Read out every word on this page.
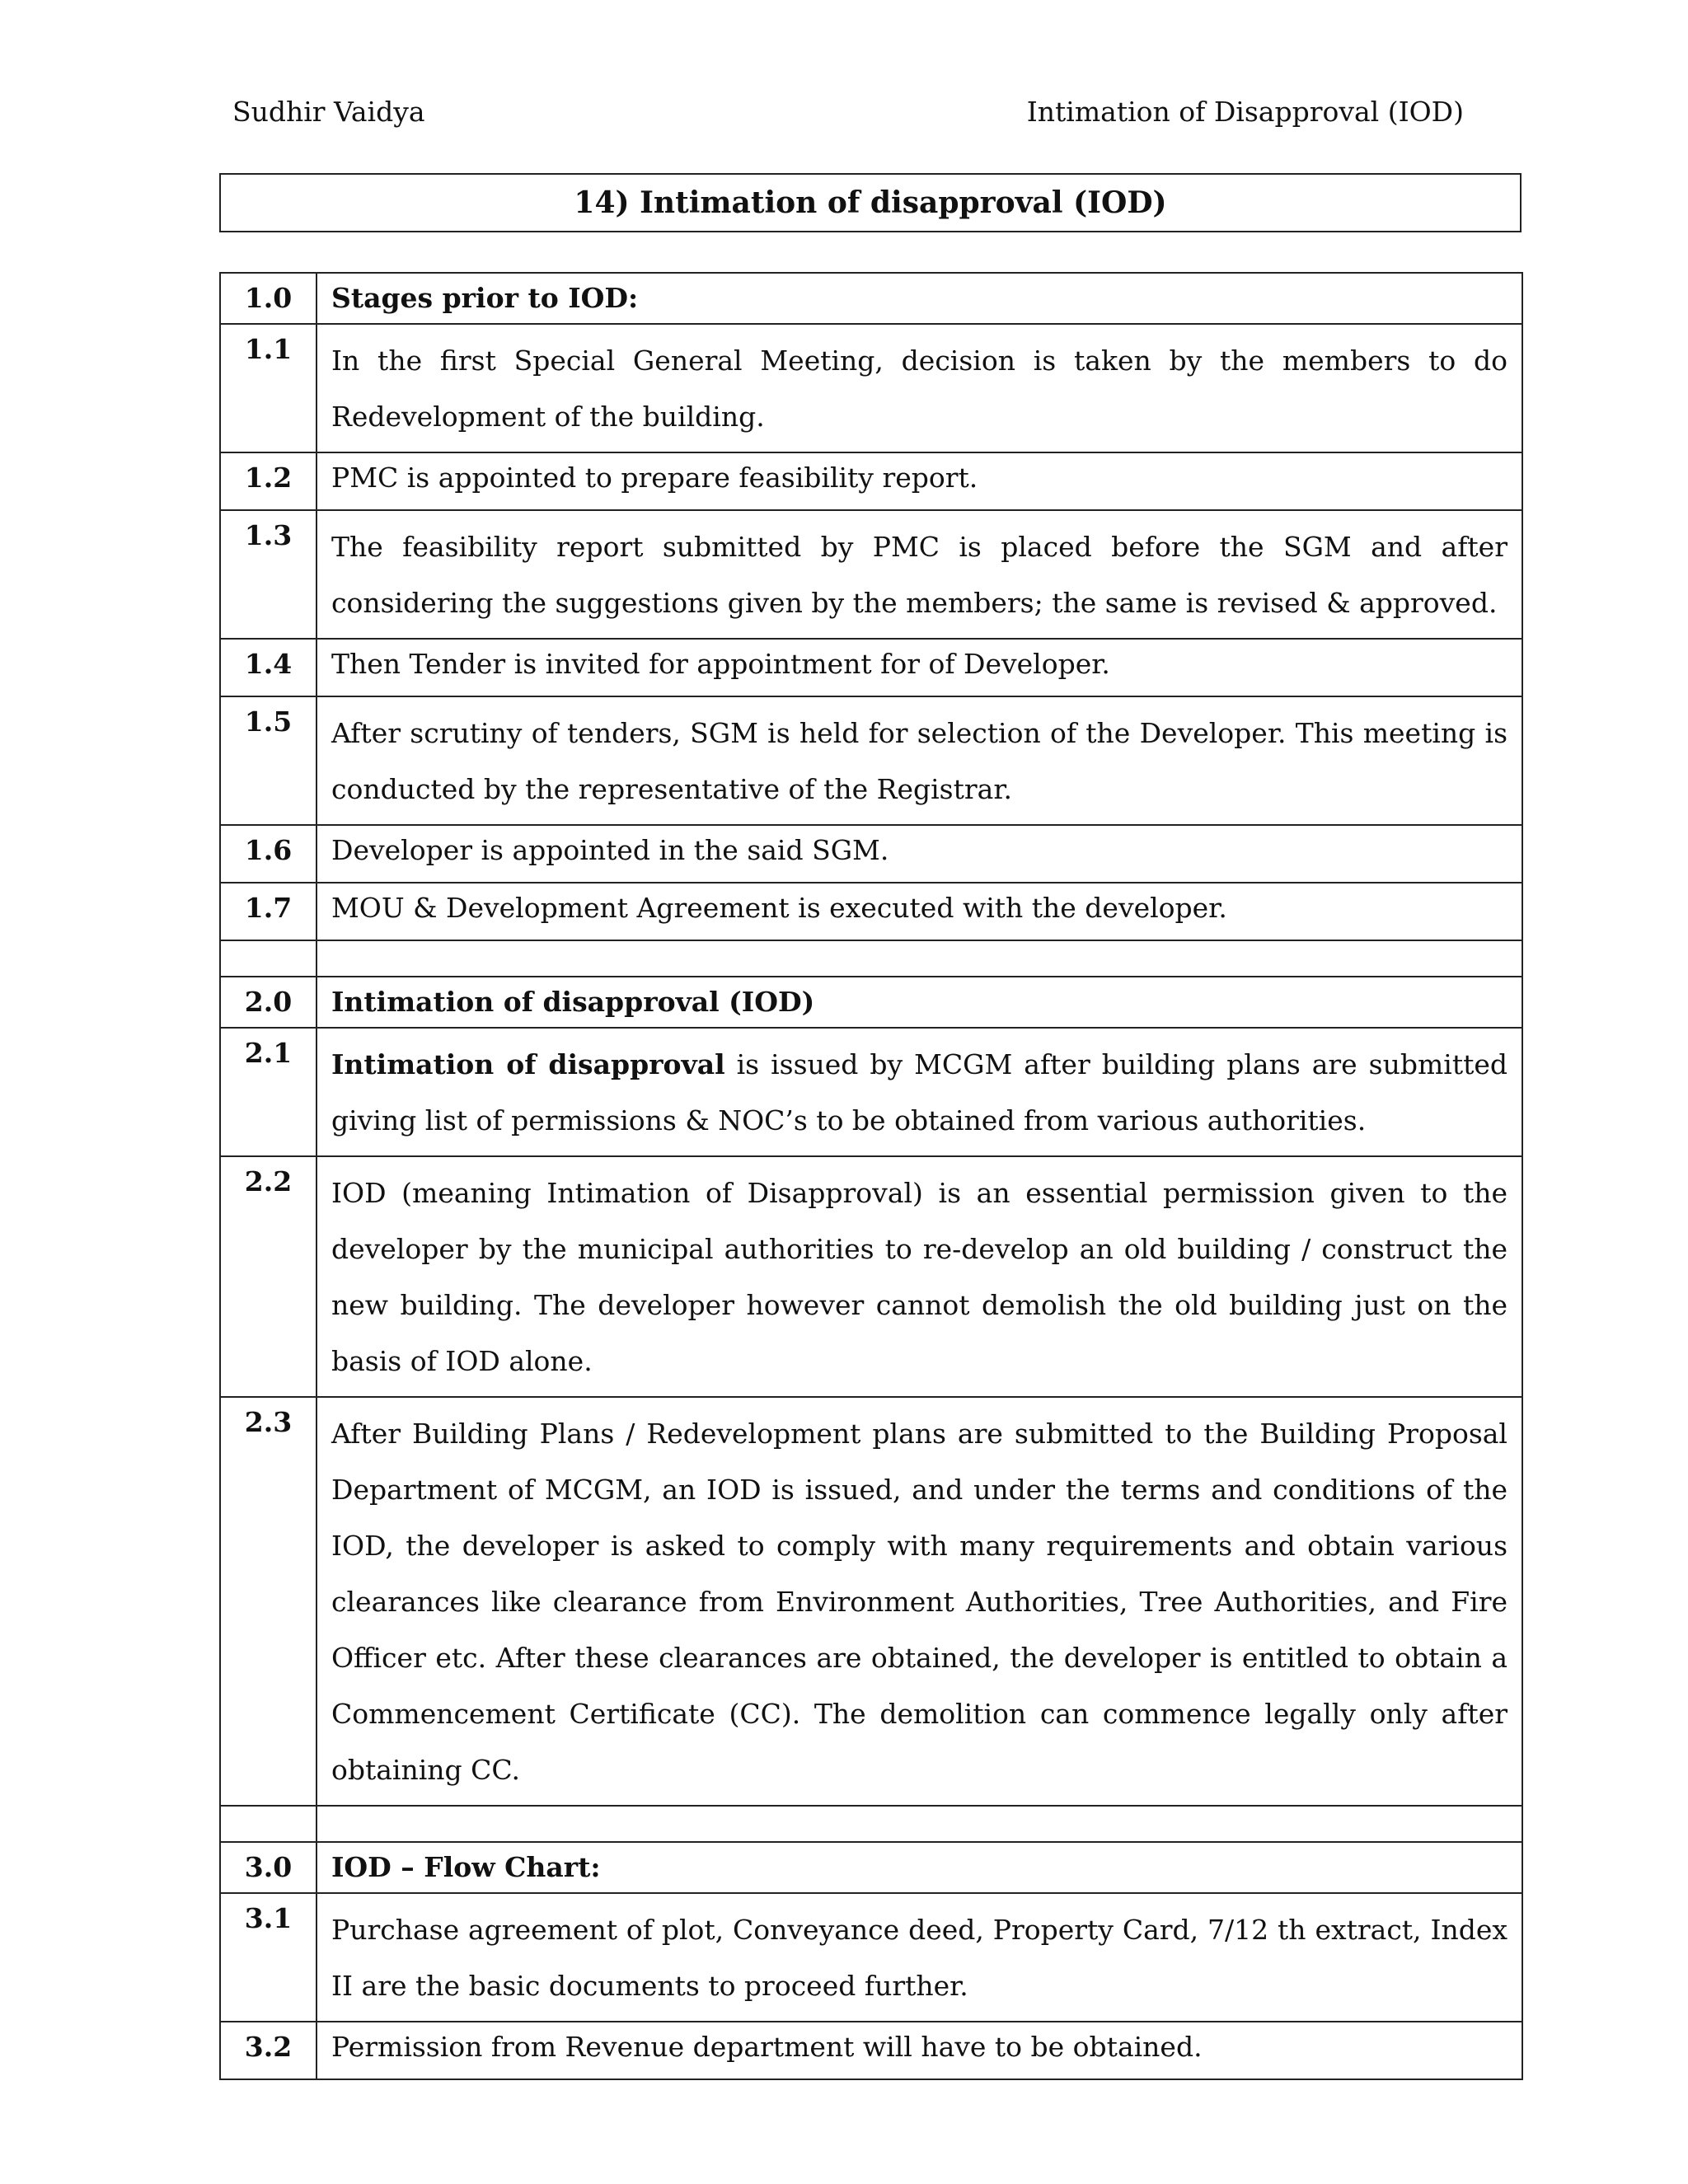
Sudhir Vaidya	Intimation of Disapproval (IOD)
14) Intimation of disapproval (IOD)
1.0	Stages prior to IOD:
1.1	In the first Special General Meeting, decision is taken by the members to do Redevelopment of the building.
1.2	PMC is appointed to prepare feasibility report.
1.3	The feasibility report submitted by PMC is placed before the SGM and after considering the suggestions given by the members; the same is revised & approved.
1.4	Then Tender is invited for appointment for of Developer.
1.5	After scrutiny of tenders, SGM is held for selection of the Developer. This meeting is conducted by the representative of the Registrar.
1.6	Developer is appointed in the said SGM.
1.7	MOU & Development Agreement is executed with the developer.

2.0	Intimation of disapproval (IOD)
2.1	Intimation of disapproval is issued by MCGM after building plans are submitted giving list of permissions & NOC’s to be obtained from various authorities.
2.2	IOD (meaning Intimation of Disapproval) is an essential permission given to the developer by the municipal authorities to re-develop an old building / construct the new building. The developer however cannot demolish the old building just on the basis of IOD alone.
2.3	After Building Plans / Redevelopment plans are submitted to the Building Proposal Department of MCGM, an IOD is issued, and under the terms and conditions of the IOD, the developer is asked to comply with many requirements and obtain various clearances like clearance from Environment Authorities, Tree Authorities, and Fire Officer etc. After these clearances are obtained, the developer is entitled to obtain a Commencement Certificate (CC). The demolition can commence legally only after obtaining CC.

3.0	IOD – Flow Chart:
3.1	Purchase agreement of plot, Conveyance deed, Property Card, 7/12 th extract, Index II are the basic documents to proceed further.
3.2	Permission from Revenue department will have to be obtained.
